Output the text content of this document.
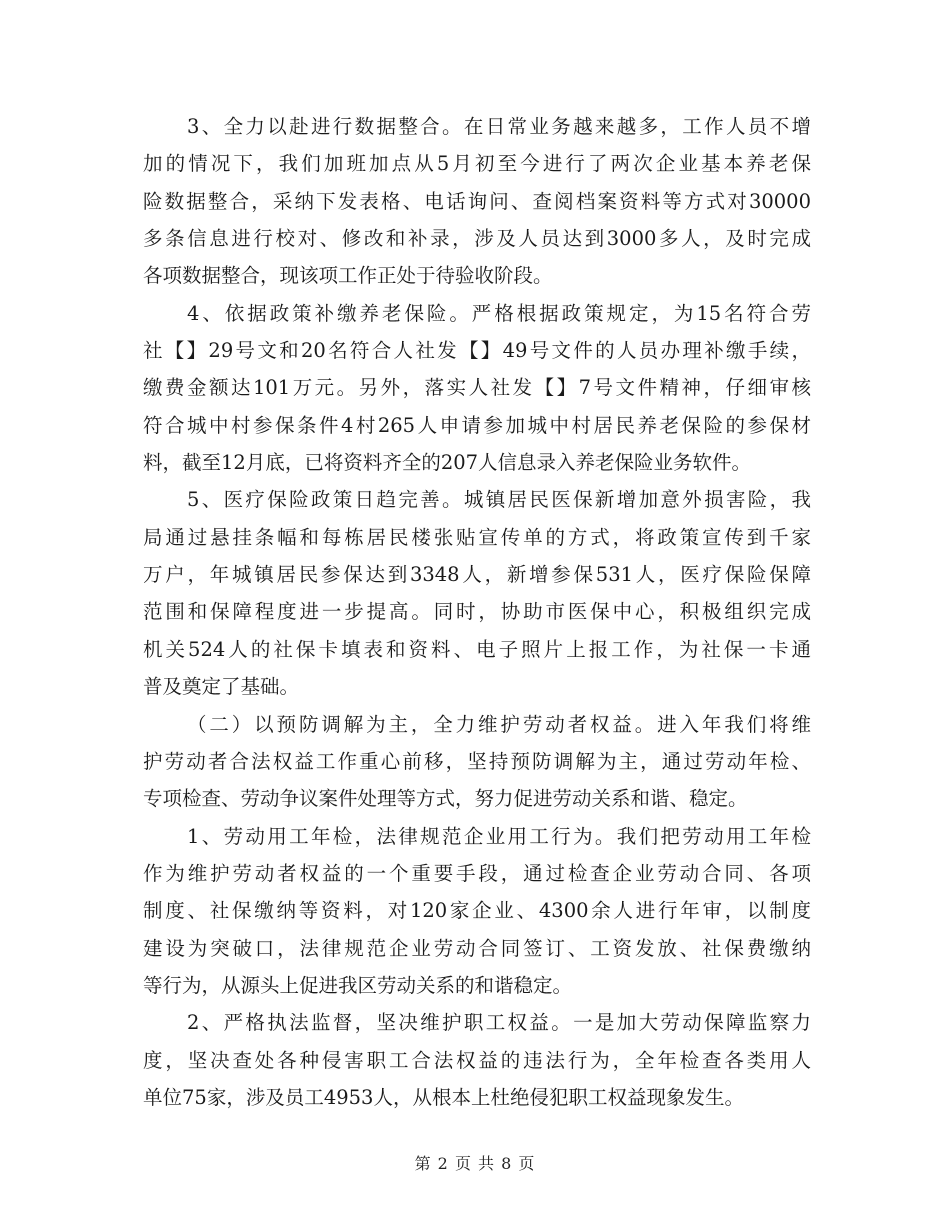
3、全力以赴进行数据整合。在日常业务越来越多，工作人员不增
加的情况下，我们加班加点从5月初至今进行了两次企业基本养老保
险数据整合，采纳下发表格、电话询问、查阅档案资料等方式对30000
多条信息进行校对、修改和补录，涉及人员达到3000多人，及时完成
各项数据整合，现该项工作正处于待验收阶段。
4、依据政策补缴养老保险。严格根据政策规定，为15名符合劳
社【】29号文和20名符合人社发【】49号文件的人员办理补缴手续，
缴费金额达101万元。另外，落实人社发【】7号文件精神，仔细审核
符合城中村参保条件4村265人申请参加城中村居民养老保险的参保材
料，截至12月底，已将资料齐全的207人信息录入养老保险业务软件。
5、医疗保险政策日趋完善。城镇居民医保新增加意外损害险，我
局通过悬挂条幅和每栋居民楼张贴宣传单的方式，将政策宣传到千家
万户，年城镇居民参保达到3348人，新增参保531人，医疗保险保障
范围和保障程度进一步提高。同时，协助市医保中心，积极组织完成
机关524人的社保卡填表和资料、电子照片上报工作，为社保一卡通
普及奠定了基础。
（二）以预防调解为主，全力维护劳动者权益。进入年我们将维
护劳动者合法权益工作重心前移，坚持预防调解为主，通过劳动年检、
专项检查、劳动争议案件处理等方式，努力促进劳动关系和谐、稳定。
1、劳动用工年检，法律规范企业用工行为。我们把劳动用工年检
作为维护劳动者权益的一个重要手段，通过检查企业劳动合同、各项
制度、社保缴纳等资料，对120家企业、4300余人进行年审，以制度
建设为突破口，法律规范企业劳动合同签订、工资发放、社保费缴纳
等行为，从源头上促进我区劳动关系的和谐稳定。
2、严格执法监督，坚决维护职工权益。一是加大劳动保障监察力
度，坚决查处各种侵害职工合法权益的违法行为，全年检查各类用人
单位75家，涉及员工4953人，从根本上杜绝侵犯职工权益现象发生。
第 2 页 共 8 页
